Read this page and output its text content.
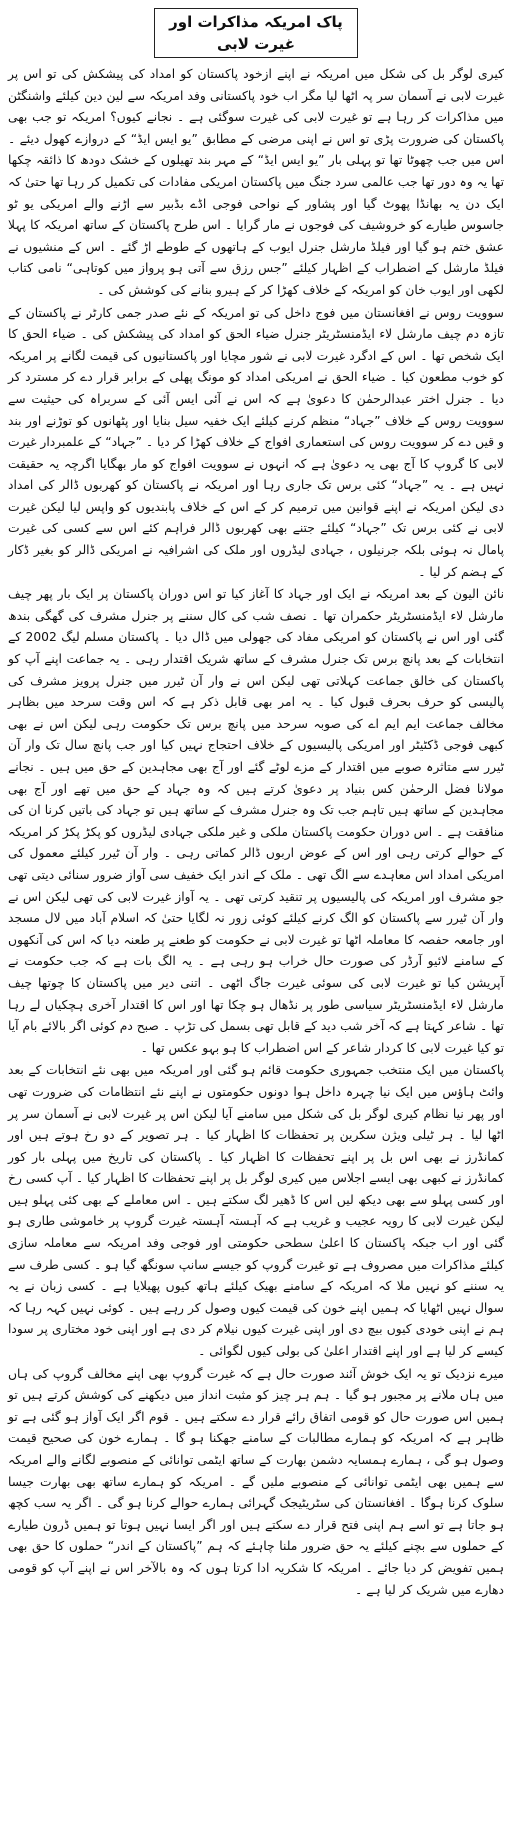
پاک امریکہ مذاکرات اور غیرت لابی

کیری لوگر بل کی شکل میں امریکہ نے اپنے ازخود پاکستان کو امداد کی پیشکش کی تو اس پر غیرت لابی نے آسمان سر پہ اٹھا لیا مگر اب خود پاکستانی وفد امریکہ سے لین دین کیلئے واشنگٹن میں مذاکرات کر رہا ہے تو غیرت لابی کی غیرت سوگئی ہے ۔ نجانے کیوں؟ امریکہ تو جب بھی پاکستان کی ضرورت پڑی تو اس نے اپنی مرضی کے مطابق ”یو ایس ایڈ“ کے دروازے کھول دیئے ۔ اس میں جب چھوٹا تھا تو پہلی بار ”یو ایس ایڈ“ کے مہر بند تھیلوں کے خشک دودھ کا ذائقہ چکھا تھا یہ وہ دور تھا جب عالمی سرد جنگ میں پاکستان امریکی مفادات کی تکمیل کر رہا تھا حتیٰ کہ ایک دن یہ بھانڈا پھوٹ گیا اور پشاور کے نواحی فوجی اڈے بڈبیر سے اڑنے والے امریکی یو ٹو جاسوس طیارے کو خروشیف کی فوجوں نے مار گرایا ۔ اس طرح پاکستان کے ساتھ امریکہ کا پہلا عشق ختم ہو گیا اور فیلڈ مارشل جنرل ایوب کے ہاتھوں کے طوطے اڑ گئے ۔ اس کے منشیوں نے فیلڈ مارشل کے اضطراب کے اظہار کیلئے ”جس رزق سے آتی ہو پرواز میں کوتاہی“ نامی کتاب لکھی اور ایوب خان کو امریکہ کے خلاف کھڑا کر کے ہیرو بنانے کی کوشش کی ۔

سوویت روس نے افغانستان میں فوج داخل کی تو امریکہ کے نئے صدر جمی کارٹر نے پاکستان کے تازہ دم چیف مارشل لاء ایڈمنسٹریٹر جنرل ضیاء الحق کو امداد کی پیشکش کی ۔ ضیاء الحق کا ایک شخص تھا ۔ اس کے ادگرد غیرت لابی نے شور مچایا اور پاکستانیوں کی قیمت لگانے پر امریکہ کو خوب مطعون کیا ۔ ضیاء الحق نے امریکی امداد کو مونگ پھلی کے برابر قرار دے کر مسترد کر دیا ۔ جنرل اختر عبدالرحمٰن کا دعویٰ ہے کہ اس نے آئی ایس آئی کے سربراہ کی حیثیت سے سوویت روس کے خلاف ”جہاد“ منظم کرنے کیلئے ایک خفیہ سیل بنایا اور پٹھانوں کو توڑنے اور بند و قیں دے کر سوویت روس کی استعماری افواج کے خلاف کھڑا کر دیا ۔ ”جہاد“ کے علمبردار غیرت لابی کا گروپ کا آج بھی یہ دعویٰ ہے کہ انہوں نے سوویت افواج کو مار بھگایا اگرچہ یہ حقیقت نہیں ہے ۔ یہ ”جہاد“ کئی برس تک جاری رہا اور امریکہ نے پاکستان کو کھربوں ڈالر کی امداد دی لیکن امریکہ نے اپنے قوانین میں ترمیم کر کے اس کے خلاف پابندیوں کو واپس لیا لیکن غیرت لابی نے کئی برس تک ”جہاد“ کیلئے جتنے بھی کھربوں ڈالر فراہم کئے اس سے کسی کی غیرت پامال نہ ہوئی بلکہ جرنیلوں ، جہادی لیڈروں اور ملک کی اشرافیہ نے امریکی ڈالر کو بغیر ڈکار کے ہضم کر لیا ۔

نائن الیون کے بعد امریکہ نے ایک اور جہاد کا آغاز کیا تو اس دوران پاکستان پر ایک بار پھر چیف مارشل لاء ایڈمنسٹریٹر حکمران تھا ۔ نصف شب کی کال سننے پر جنرل مشرف کی گھگی بندھ گئی اور اس نے پاکستان کو امریکی مفاد کی جھولی میں ڈال دیا ۔ پاکستان مسلم لیگ 2002 کے انتخابات کے بعد پانچ برس تک جنرل مشرف کے ساتھ شریک اقتدار رہی ۔ یہ جماعت اپنے آپ کو پاکستان کی خالق جماعت کہلاتی تھی لیکن اس نے وار آن ٹیرر میں جنرل پرویز مشرف کی پالیسی کو حرف بحرف قبول کیا ۔ یہ امر بھی قابل ذکر ہے کہ اس وقت سرحد میں بظاہر مخالف جماعت ایم ایم اے کی صوبہ سرحد میں پانچ برس تک حکومت رہی لیکن اس نے بھی کبھی فوجی ڈکٹیٹر اور امریکی پالیسیوں کے خلاف احتجاج نہیں کیا اور جب پانچ سال تک وار آن ٹیرر سے متاثرہ صوبے میں اقتدار کے مزے لوٹے گئے اور آج بھی مجاہدین کے حق میں ہیں ۔ نجانے مولانا فضل الرحمٰن کس بنیاد پر دعویٰ کرتے ہیں کہ وہ جہاد کے حق میں تھے اور آج بھی مجاہدین کے ساتھ ہیں تاہم جب تک وہ جنرل مشرف کے ساتھ ہیں تو جہاد کی باتیں کرنا ان کی منافقت ہے ۔ اس دوران حکومت پاکستان ملکی و غیر ملکی جہادی لیڈروں کو پکڑ پکڑ کر امریکہ کے حوالے کرتی رہی اور اس کے عوض اربوں ڈالر کماتی رہی ۔ وار آن ٹیرر کیلئے معمول کی امریکی امداد اس معاہدے سے الگ تھی ۔ ملک کے اندر ایک خفیف سی آواز ضرور سنائی دیتی تھی جو مشرف اور امریکہ کی پالیسیوں پر تنقید کرتی تھی ۔ یہ آواز غیرت لابی کی تھی لیکن اس نے وار آن ٹیرر سے پاکستان کو الگ کرنے کیلئے کوئی زور نہ لگایا حتیٰ کہ اسلام آباد میں لال مسجد اور جامعہ حفصہ کا معاملہ اٹھا تو غیرت لابی نے حکومت کو طعنے پر طعنہ دیا کہ اس کی آنکھوں کے سامنے لائیو آرڈر کی صورت حال خراب ہو رہی ہے ۔ یہ الگ بات ہے کہ جب حکومت نے آپریشن کیا تو غیرت لابی کی سوئی غیرت جاگ اٹھی ۔ اتنی دیر میں پاکستان کا چوتھا چیف مارشل لاء ایڈمنسٹریٹر سیاسی طور پر نڈھال ہو چکا تھا اور اس کا اقتدار آخری ہچکیاں لے رہا تھا ۔ شاعر کہتا ہے کہ آخر شب دید کے قابل تھی بسمل کی تڑپ ۔ صبح دم کوئی اگر بالائے بام آیا تو کیا غیرت لابی کا کردار شاعر کے اس اضطراب کا ہو بہو عکس تھا ۔

پاکستان میں ایک منتخب جمہوری حکومت قائم ہو گئی اور امریکہ میں بھی نئے انتخابات کے بعد وائٹ ہاؤس میں ایک نیا چہرہ داخل ہوا دونوں حکومتوں نے اپنے نئے انتظامات کی ضرورت تھی اور پھر نیا نظام کیری لوگر بل کی شکل میں سامنے آیا لیکن اس پر غیرت لابی نے آسمان سر پر اٹھا لیا ۔ ہر ٹیلی ویژن سکرین پر تحفظات کا اظہار کیا ۔ ہر تصویر کے دو رخ ہوتے ہیں اور کمانڈرز نے بھی اس بل پر اپنے تحفظات کا اظہار کیا ۔ پاکستان کی تاریخ میں پہلی بار کور کمانڈرز نے کبھی بھی ایسے اجلاس میں کیری لوگر بل پر اپنے تحفظات کا اظہار کیا ۔ آپ کسی رخ اور کسی پہلو سے بھی دیکھ لیں اس کا ڈھیر لگ سکتے ہیں ۔ اس معاملے کے بھی کئی پہلو ہیں لیکن غیرت لابی کا رویہ عجیب و غریب ہے کہ آہستہ آہستہ غیرت گروپ پر خاموشی طاری ہو گئی اور اب جبکہ پاکستان کا اعلیٰ سطحی حکومتی اور فوجی وفد امریکہ سے معاملہ سازی کیلئے مذاکرات میں مصروف ہے تو غیرت گروپ کو جیسے سانپ سونگھ گیا ہو ۔ کسی طرف سے یہ سننے کو نہیں ملا کہ امریکہ کے سامنے بھیک کیلئے ہاتھ کیوں پھیلایا ہے ۔ کسی زبان نے یہ سوال نہیں اٹھایا کہ ہمیں اپنے خون کی قیمت کیوں وصول کر رہے ہیں ۔ کوئی نہیں کہہ رہا کہ ہم نے اپنی خودی کیوں بیچ دی اور اپنی غیرت کیوں نیلام کر دی ہے اور اپنی خود مختاری پر سودا کیسے کر لیا ہے اور اپنے اقتدار اعلیٰ کی بولی کیوں لگوائی ۔

میرے نزدیک تو یہ ایک خوش آئند صورت حال ہے کہ غیرت گروپ بھی اپنے مخالف گروپ کی ہاں میں ہاں ملانے پر مجبور ہو گیا ۔ ہم ہر چیز کو مثبت انداز میں دیکھنے کی کوشش کرتے ہیں تو ہمیں اس صورت حال کو قومی اتفاق رائے قرار دے سکتے ہیں ۔ قوم اگر ایک آواز ہو گئی ہے تو ظاہر ہے کہ امریکہ کو ہمارے مطالبات کے سامنے جھکنا ہو گا ۔ ہمارے خون کی صحیح قیمت وصول ہو گی ، ہمارے ہمسایہ دشمن بھارت کے ساتھ ایٹمی توانائی کے منصوبے لگانے والے امریکہ سے ہمیں بھی ایٹمی توانائی کے منصوبے ملیں گے ۔ امریکہ کو ہمارے ساتھ بھی بھارت جیسا سلوک کرنا ہوگا ۔ افغانستان کی سٹریٹیجک گہرائی ہمارے حوالے کرنا ہو گی ۔ اگر یہ سب کچھ ہو جاتا ہے تو اسے ہم اپنی فتح قرار دے سکتے ہیں اور اگر ایسا نہیں ہوتا تو ہمیں ڈرون طیارے کے حملوں سے بچنے کیلئے یہ حق ضرور ملنا چاہئے کہ ہم ”پاکستان کے اندر“ حملوں کا حق بھی ہمیں تفویض کر دیا جائے ۔ امریکہ کا شکریہ ادا کرتا ہوں کہ وہ بالآخر اس نے اپنے آپ کو قومی دھارے میں شریک کر لیا ہے ۔
